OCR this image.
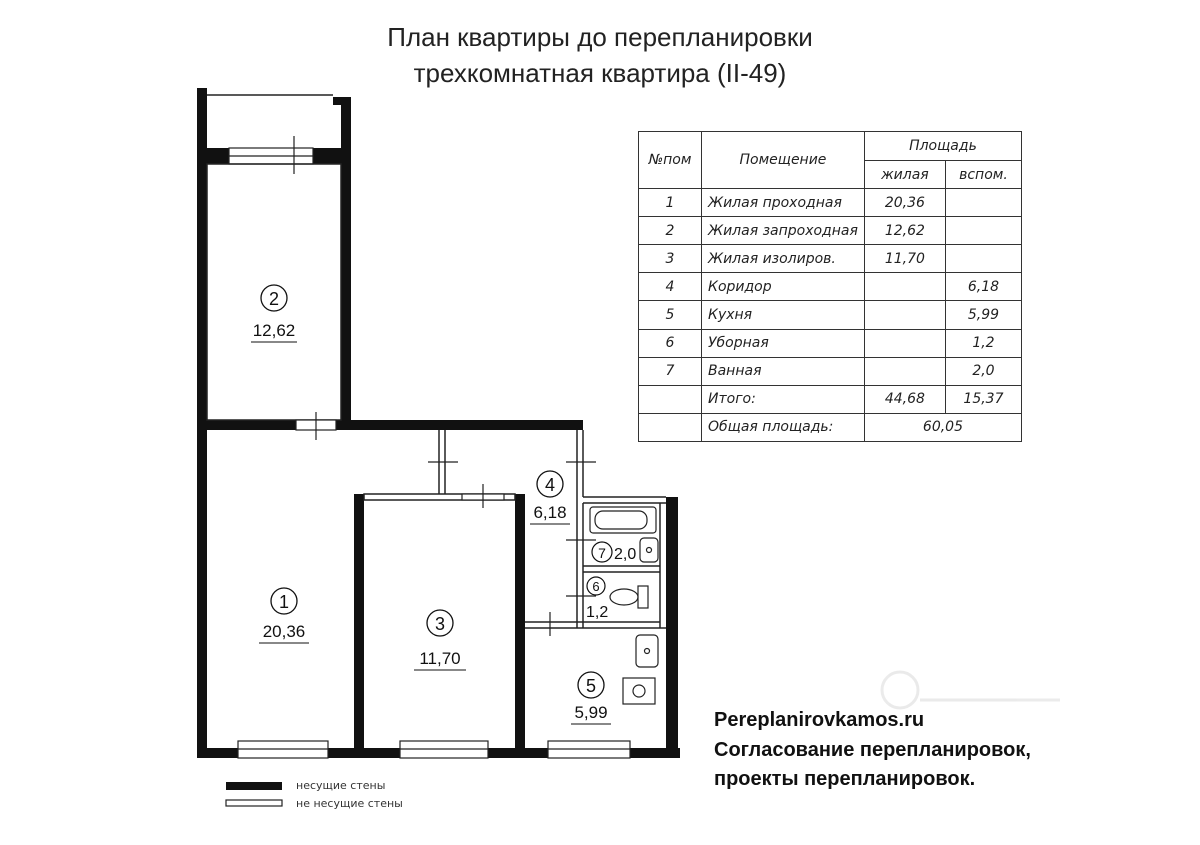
План квартиры до перепланировки
трехкомнатная квартира (II-49)
2
12,62
1
20,36	3
11,70
4
6,18
5
5,99
7 2,0
6
1,2
№пом	Помещение	Площадь	
		жилая	вспом.
1	Жилая проходная	20,36	
2	Жилая запроходная	12,62	
3	Жилая изолиров.	11,70	
4	Коридор		6,18
5	Кухня		5,99
6	Уборная		1,2
7	Ванная		2,0
	Итого:	44,68	15,37
	Общая площадь:	60,05	
несущие стены
не несущие стены
Pereplanirovkamos.ru
Согласование перепланировок,
проекты перепланировок.
